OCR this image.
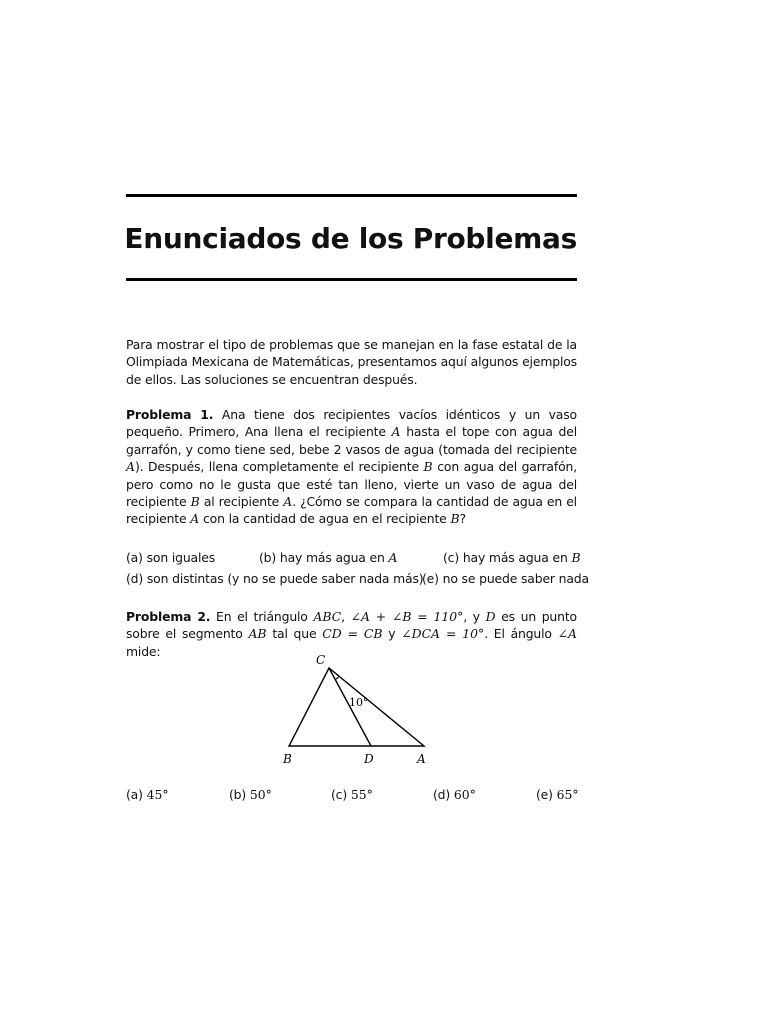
Enunciados de los Problemas

Para mostrar el tipo de problemas que se manejan en la fase estatal de la Olimpiada Mexicana de Matemáticas, presentamos aquí algunos ejemplos de ellos. Las soluciones se encuentran después.

Problema 1. Ana tiene dos recipientes vacíos idénticos y un vaso pequeño. Primero, Ana llena el recipiente A hasta el tope con agua del garrafón, y como tiene sed, bebe 2 vasos de agua (tomada del recipiente A). Después, llena completamente el recipiente B con agua del garrafón, pero como no le gusta que esté tan lleno, vierte un vaso de agua del recipiente B al recipiente A. ¿Cómo se compara la cantidad de agua en el recipiente A con la cantidad de agua en el recipiente B?

(a) son iguales	(b) hay más agua en A	(c) hay más agua en B
(d) son distintas (y no se puede saber nada más)
(e) no se puede saber nada

Problema 2. En el triángulo ABC, ∠A + ∠B = 110°, y D es un punto sobre el segmento AB tal que CD = CB y ∠DCA = 10°. El ángulo ∠A mide:

C
B	D	A
10°
(a) 45°	(b) 50°	(c) 55°	(d) 60°	(e) 65°
